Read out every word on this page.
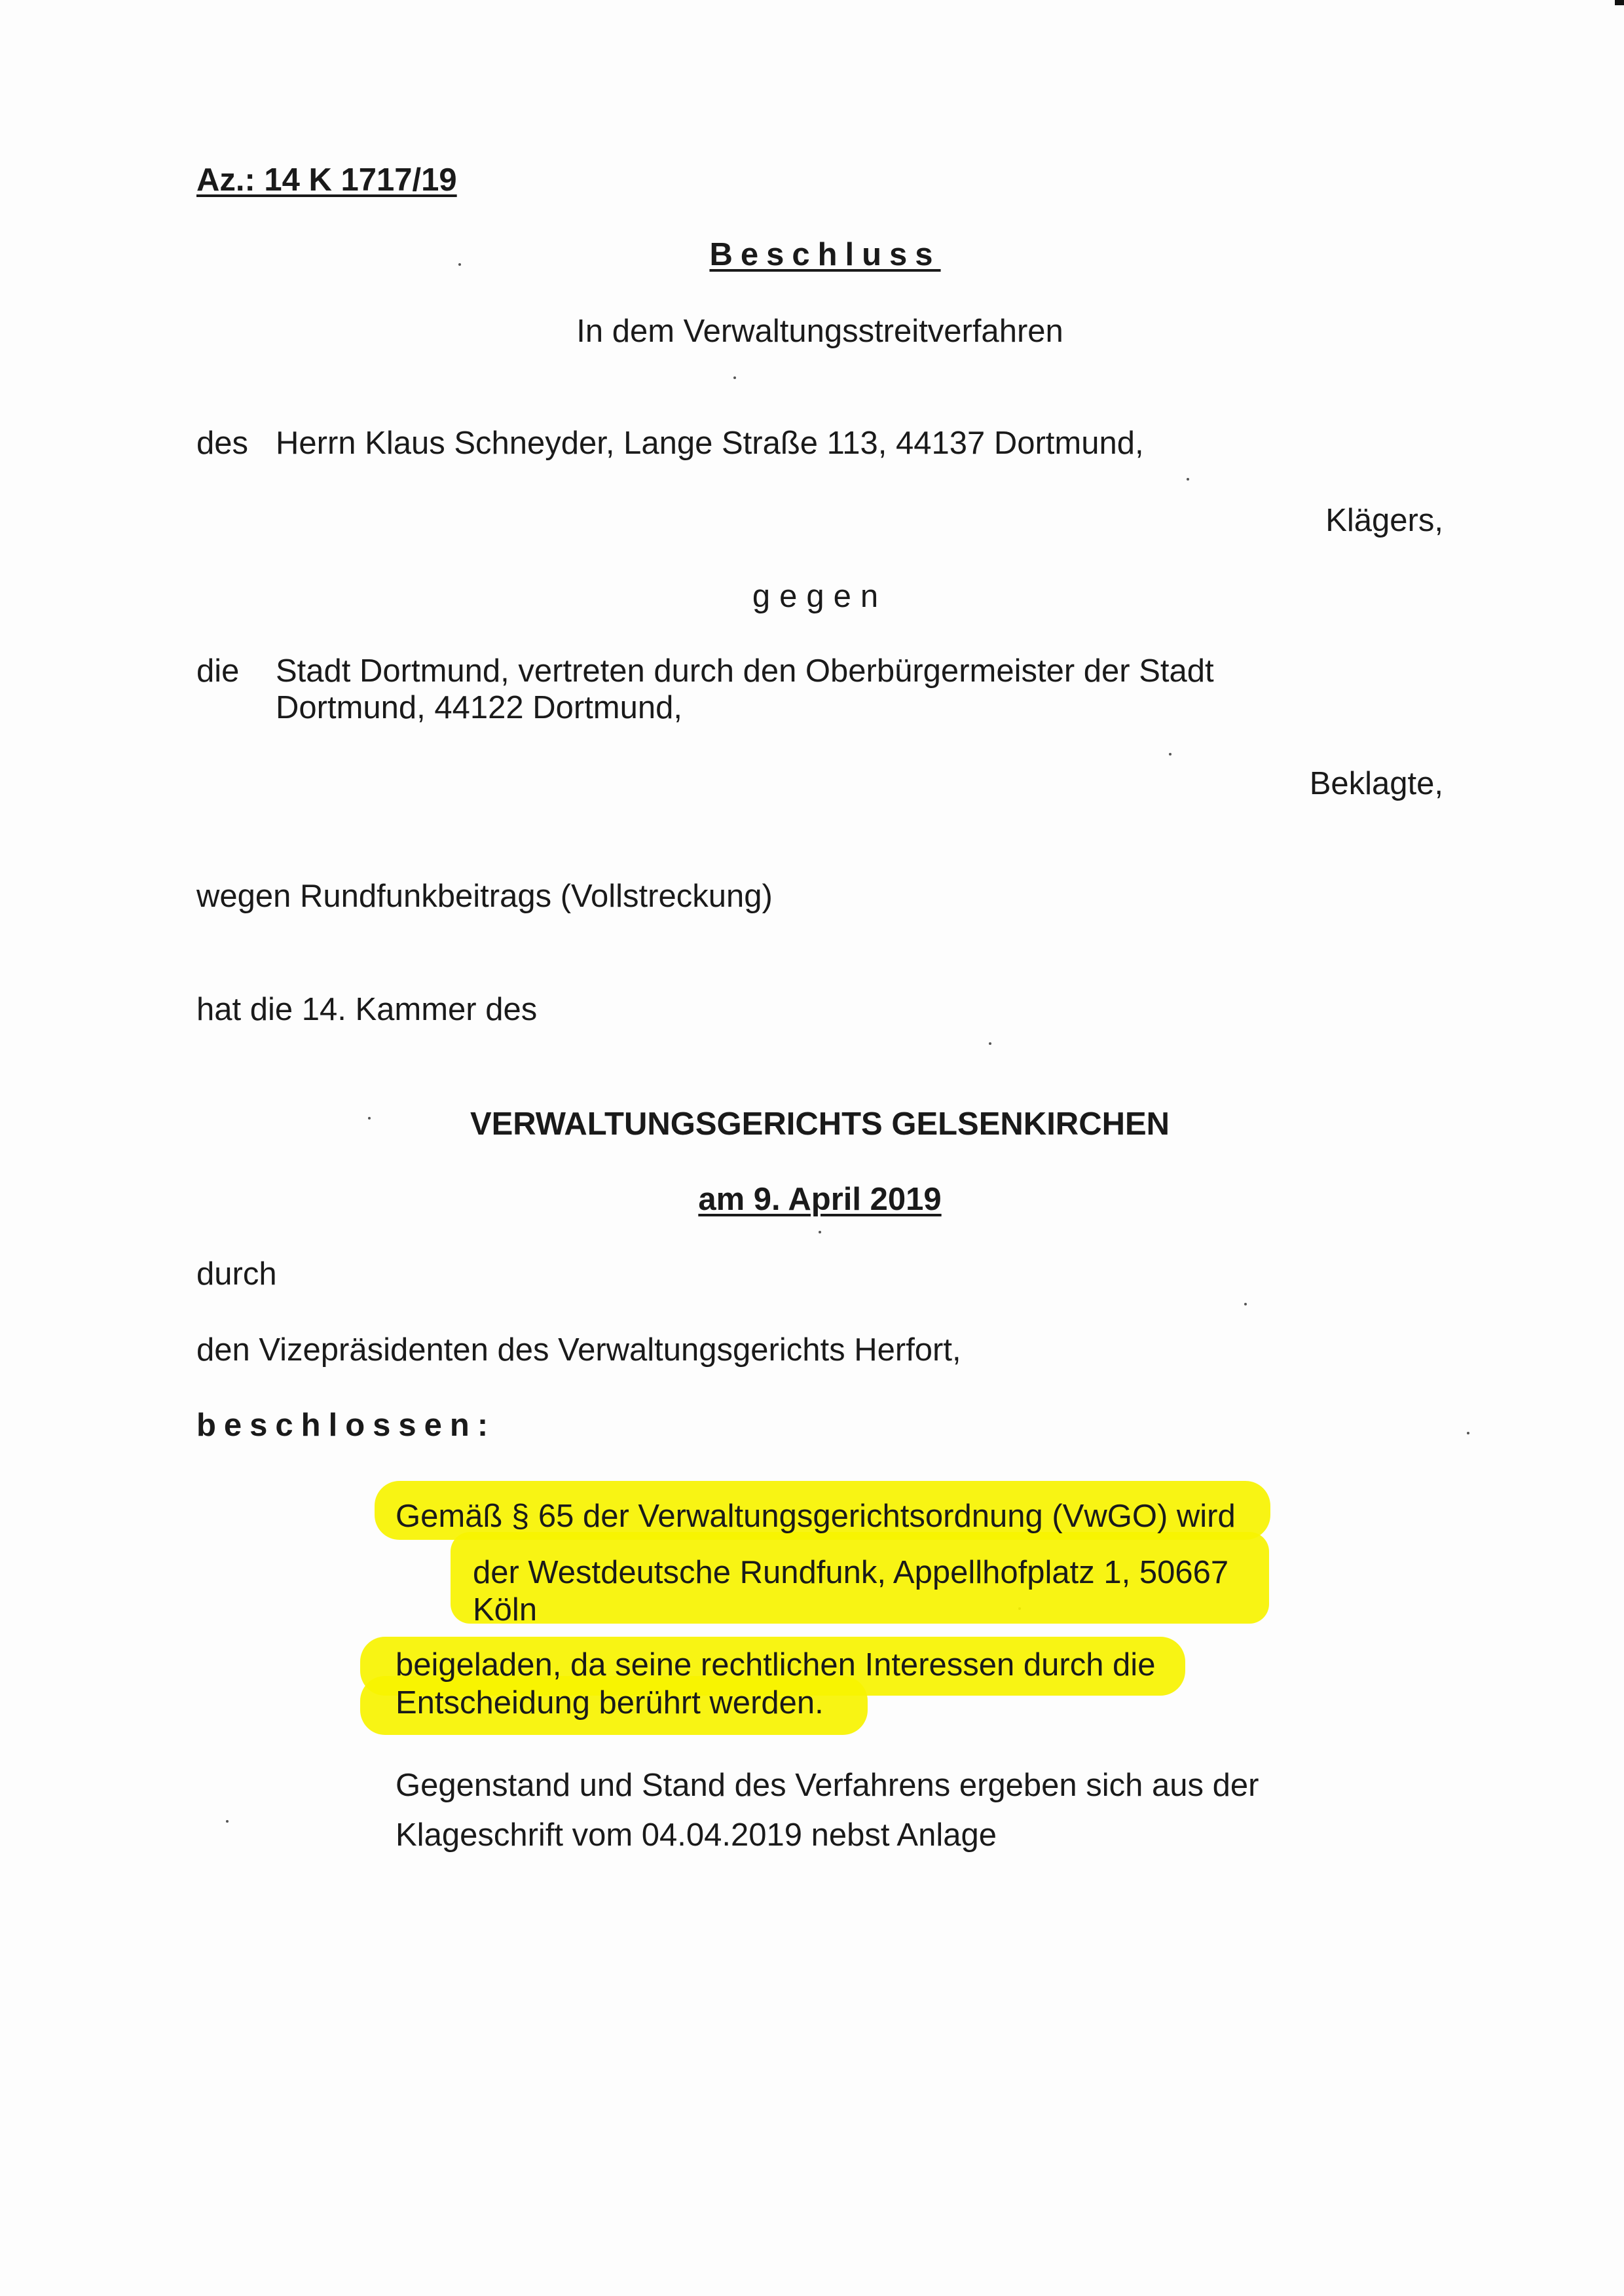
Az.: 14 K 1717/19

Beschluss

In dem Verwaltungsstreitverfahren

des Herrn Klaus Schneyder, Lange Straße 113, 44137 Dortmund,

Klägers,

gegen

die Stadt Dortmund, vertreten durch den Oberbürgermeister der Stadt

Dortmund, 44122 Dortmund,

Beklagte,

wegen Rundfunkbeitrags (Vollstreckung)

hat die 14. Kammer des

VERWALTUNGSGERICHTS GELSENKIRCHEN

am 9. April 2019

durch

den Vizepräsidenten des Verwaltungsgerichts Herfort,

beschlossen:

Gemäß § 65 der Verwaltungsgerichtsordnung (VwGO) wird

der Westdeutsche Rundfunk, Appellhofplatz 1, 50667

Köln

beigeladen, da seine rechtlichen Interessen durch die

Entscheidung berührt werden.

Gegenstand und Stand des Verfahrens ergeben sich aus der

Klageschrift vom 04.04.2019 nebst Anlage
